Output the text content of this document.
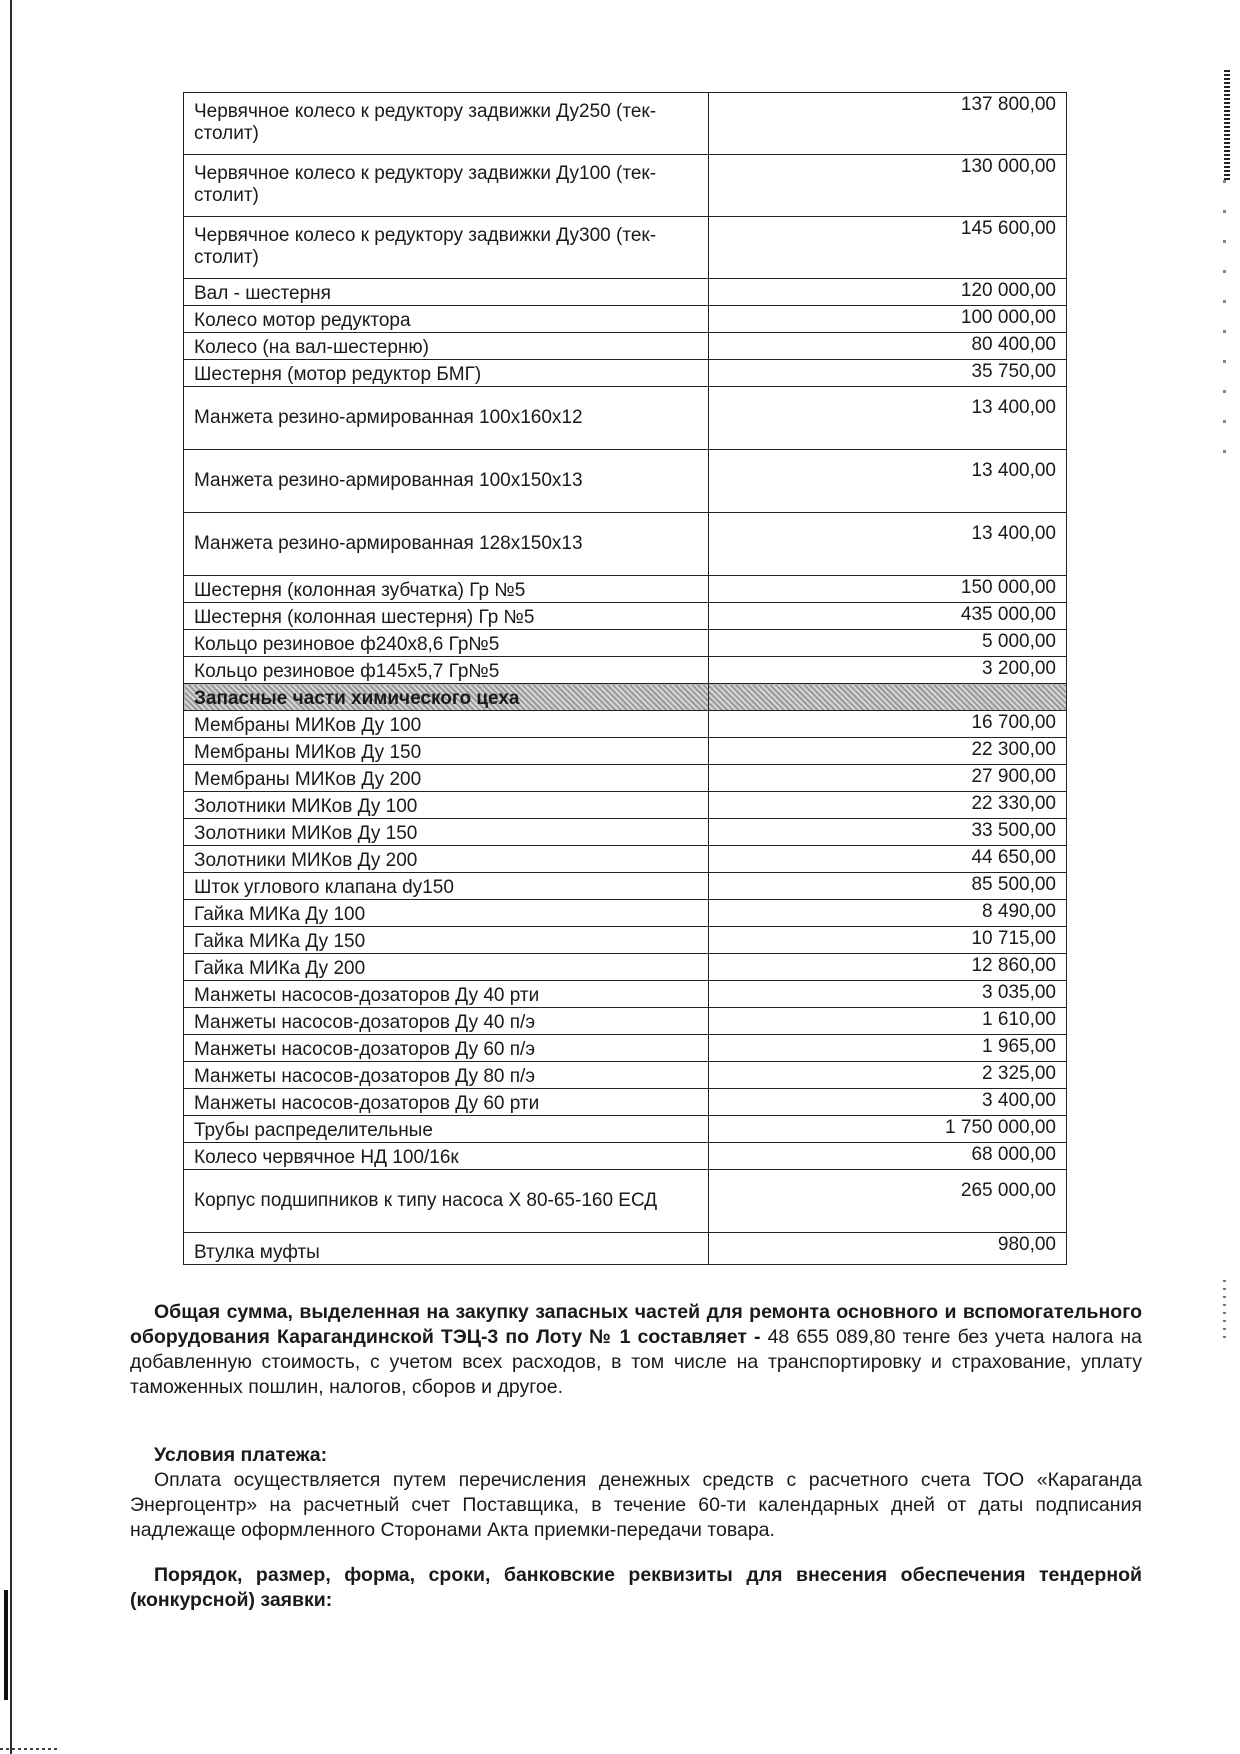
Червячное колесо к редуктору задвижки Ду250 (тек-столит)	137 800,00
Червячное колесо к редуктору задвижки Ду100 (тек-столит)	130 000,00
Червячное колесо к редуктору задвижки Ду300 (тек-столит)	145 600,00
Вал - шестерня	120 000,00
Колесо мотор редуктора	100 000,00
Колесо (на вал-шестерню)	80 400,00
Шестерня (мотор редуктор БМГ)	35 750,00
Манжета резино-армированная 100х160х12	13 400,00
Манжета резино-армированная 100х150х13	13 400,00
Манжета резино-армированная 128х150х13	13 400,00
Шестерня (колонная зубчатка) Гр №5	150 000,00
Шестерня (колонная шестерня) Гр №5	435 000,00
Кольцо резиновое ф240х8,6 Гр№5	5 000,00
Кольцо резиновое ф145х5,7 Гр№5	3 200,00
Запасные части химического цеха	
Мембраны МИКов Ду 100	16 700,00
Мембраны МИКов Ду 150	22 300,00
Мембраны МИКов Ду 200	27 900,00
Золотники МИКов Ду 100	22 330,00
Золотники МИКов Ду 150	33 500,00
Золотники МИКов Ду 200	44 650,00
Шток углового клапана dy150	85 500,00
Гайка МИКа Ду 100	8 490,00
Гайка МИКа Ду 150	10 715,00
Гайка МИКа Ду 200	12 860,00
Манжеты насосов-дозаторов Ду 40 рти	3 035,00
Манжеты насосов-дозаторов Ду 40 п/э	1 610,00
Манжеты насосов-дозаторов Ду 60 п/э	1 965,00
Манжеты насосов-дозаторов Ду 80 п/э	2 325,00
Манжеты насосов-дозаторов Ду 60 рти	3 400,00
Трубы распределительные	1 750 000,00
Колесо червячное НД 100/16к	68 000,00
Корпус подшипников к типу насоса Х 80-65-160 ЕСД	265 000,00
Втулка муфты	980,00
Общая сумма, выделенная на закупку запасных частей для ремонта основного и вспомогательного оборудования Карагандинской ТЭЦ-3 по Лоту № 1 составляет - 48 655 089,80 тенге без учета налога на добавленную стоимость, с учетом всех расходов, в том числе на транспортировку и страхование, уплату таможенных пошлин, налогов, сборов и другое.
Условия платежа:
Оплата осуществляется путем перечисления денежных средств с расчетного счета ТОО «Караганда Энергоцентр» на расчетный счет Поставщика, в течение 60-ти календарных дней от даты подписания надлежаще оформленного Сторонами Акта приемки-передачи товара.
Порядок, размер, форма, сроки, банковские реквизиты для внесения обеспечения тендерной (конкурсной) заявки:
